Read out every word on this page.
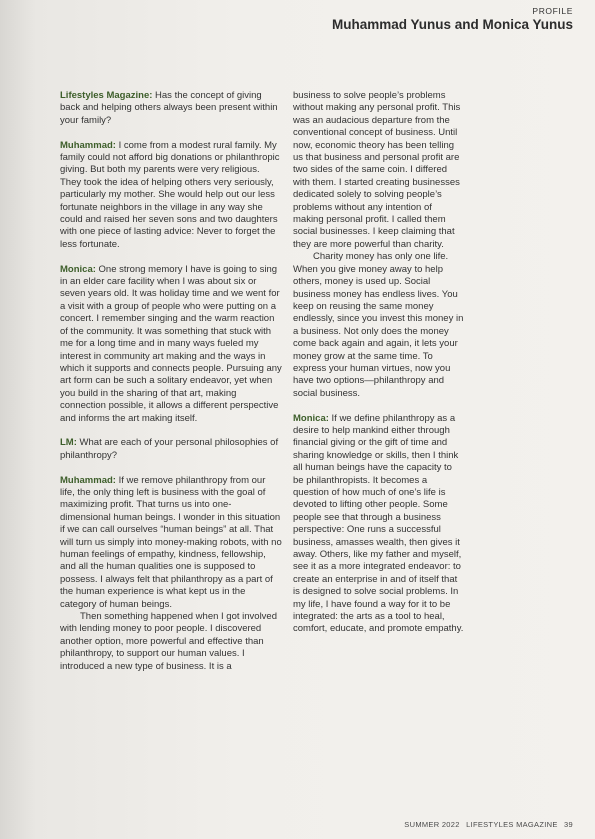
PROFILE
Muhammad Yunus and Monica Yunus

Lifestyles Magazine: Has the concept of giving back and helping others always been present within your family?

Muhammad: I come from a modest rural family. My family could not afford big donations or philanthropic giving. But both my parents were very religious. They took the idea of helping others very seriously, particularly my mother. She would help out our less fortunate neighbors in the village in any way she could and raised her seven sons and two daughters with one piece of lasting advice: Never to forget the less fortunate.

Monica: One strong memory I have is going to sing in an elder care facility when I was about six or seven years old. It was holiday time and we went for a visit with a group of people who were putting on a concert. I remember singing and the warm reaction of the community. It was something that stuck with me for a long time and in many ways fueled my interest in community art making and the ways in which it supports and connects people. Pursuing any art form can be such a solitary endeavor, yet when you build in the sharing of that art, making connection possible, it allows a different perspective and informs the art making itself.

LM: What are each of your personal philosophies of philanthropy?

Muhammad: If we remove philanthropy from our life, the only thing left is business with the goal of maximizing profit. That turns us into one-dimensional human beings. I wonder in this situation if we can call ourselves “human beings” at all. That will turn us simply into money-making robots, with no human feelings of empathy, kindness, fellowship, and all the human qualities one is supposed to possess. I always felt that philanthropy as a part of the human experience is what kept us in the category of human beings.

Then something happened when I got involved with lending money to poor people. I discovered another option, more powerful and effective than philanthropy, to support our human values. I introduced a new type of business. It is a

business to solve people’s problems without making any personal profit. This was an audacious departure from the conventional concept of business. Until now, economic theory has been telling us that business and personal profit are two sides of the same coin. I differed with them. I started creating businesses dedicated solely to solving people’s problems without any intention of making personal profit. I called them social businesses. I keep claiming that they are more powerful than charity.

Charity money has only one life. When you give money away to help others, money is used up. Social business money has endless lives. You keep on reusing the same money endlessly, since you invest this money in a business. Not only does the money come back again and again, it lets your money grow at the same time. To express your human virtues, now you have two options—philanthropy and social business.

Monica: If we define philanthropy as a desire to help mankind either through financial giving or the gift of time and sharing knowledge or skills, then I think all human beings have the capacity to be philanthropists. It becomes a question of how much of one’s life is devoted to lifting other people. Some people see that through a business perspective: One runs a successful business, amasses wealth, then gives it away. Others, like my father and myself, see it as a more integrated endeavor: to create an enterprise in and of itself that is designed to solve social problems. In my life, I have found a way for it to be integrated: the arts as a tool to heal, comfort, educate, and promote empathy.

SUMMER 2022 LIFESTYLES MAGAZINE 39
